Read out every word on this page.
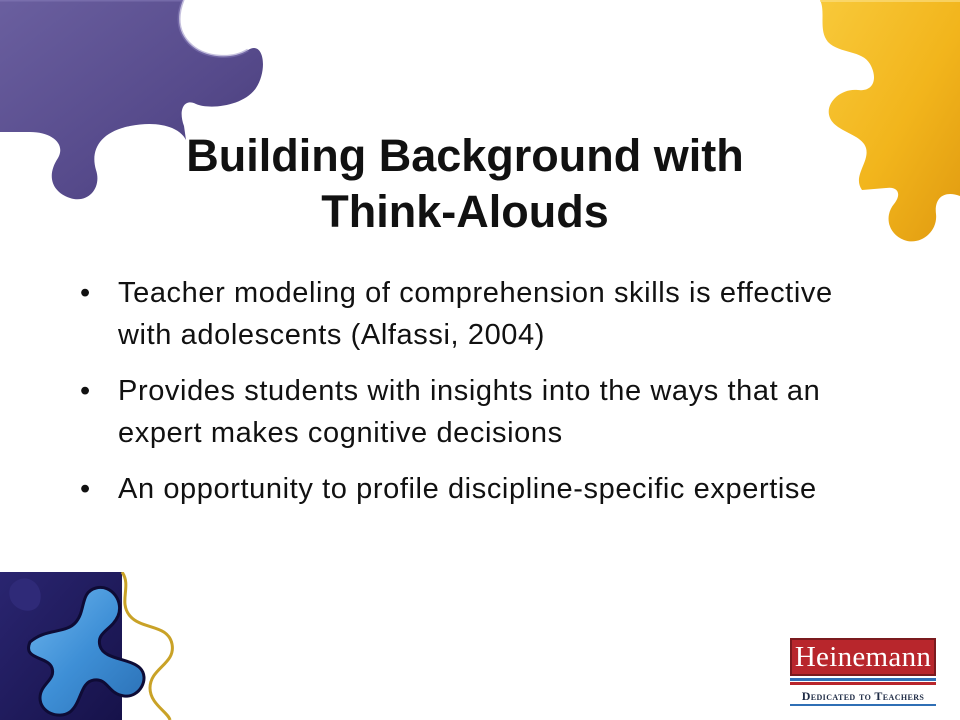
Building Background with
Think-Alouds
• Teacher modeling of comprehension skills is effective with adolescents (Alfassi, 2004)
• Provides students with insights into the ways that an expert makes cognitive decisions
• An opportunity to profile discipline-specific expertise
Heinemann
Dedicated to Teachers
